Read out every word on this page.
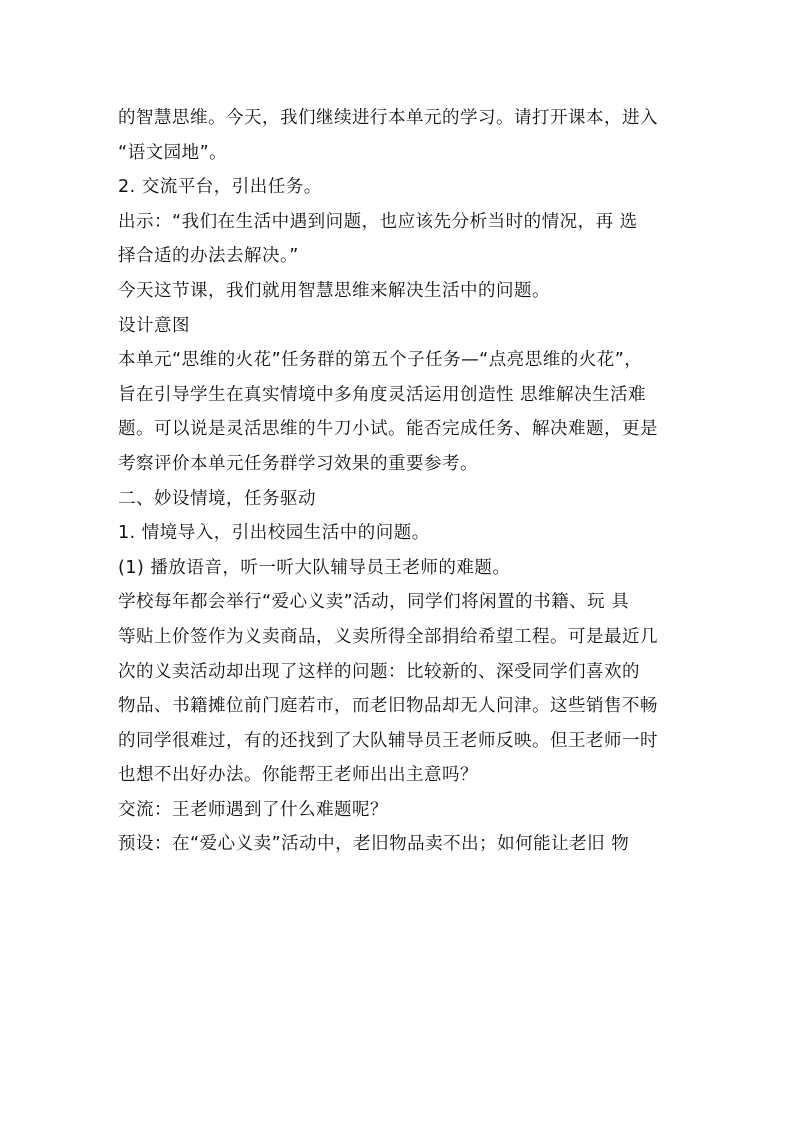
的智慧思维。今天，我们继续进行本单元的学习。请打开课本，进入
“语文园地”。
2. 交流平台，引出任务。
出示：“我们在生活中遇到问题，也应该先分析当时的情况，再 选
择合适的办法去解决。”
今天这节课，我们就用智慧思维来解决生活中的问题。
设计意图
本单元“思维的火花”任务群的第五个子任务—“点亮思维的火花”，
旨在引导学生在真实情境中多角度灵活运用创造性 思维解决生活难
题。可以说是灵活思维的牛刀小试。能否完成任务、解决难题，更是
考察评价本单元任务群学习效果的重要参考。
二、妙设情境，任务驱动
1. 情境导入，引出校园生活中的问题。
(1) 播放语音，听一听大队辅导员王老师的难题。
学校每年都会举行“爱心义卖”活动，同学们将闲置的书籍、玩 具
等贴上价签作为义卖商品，义卖所得全部捐给希望工程。可是最近几
次的义卖活动却出现了这样的问题：比较新的、深受同学们喜欢的
物品、书籍摊位前门庭若市，而老旧物品却无人问津。这些销售不畅
的同学很难过，有的还找到了大队辅导员王老师反映。但王老师一时
也想不出好办法。你能帮王老师出出主意吗？
交流：王老师遇到了什么难题呢？
预设：在“爱心义卖”活动中，老旧物品卖不出；如何能让老旧 物
